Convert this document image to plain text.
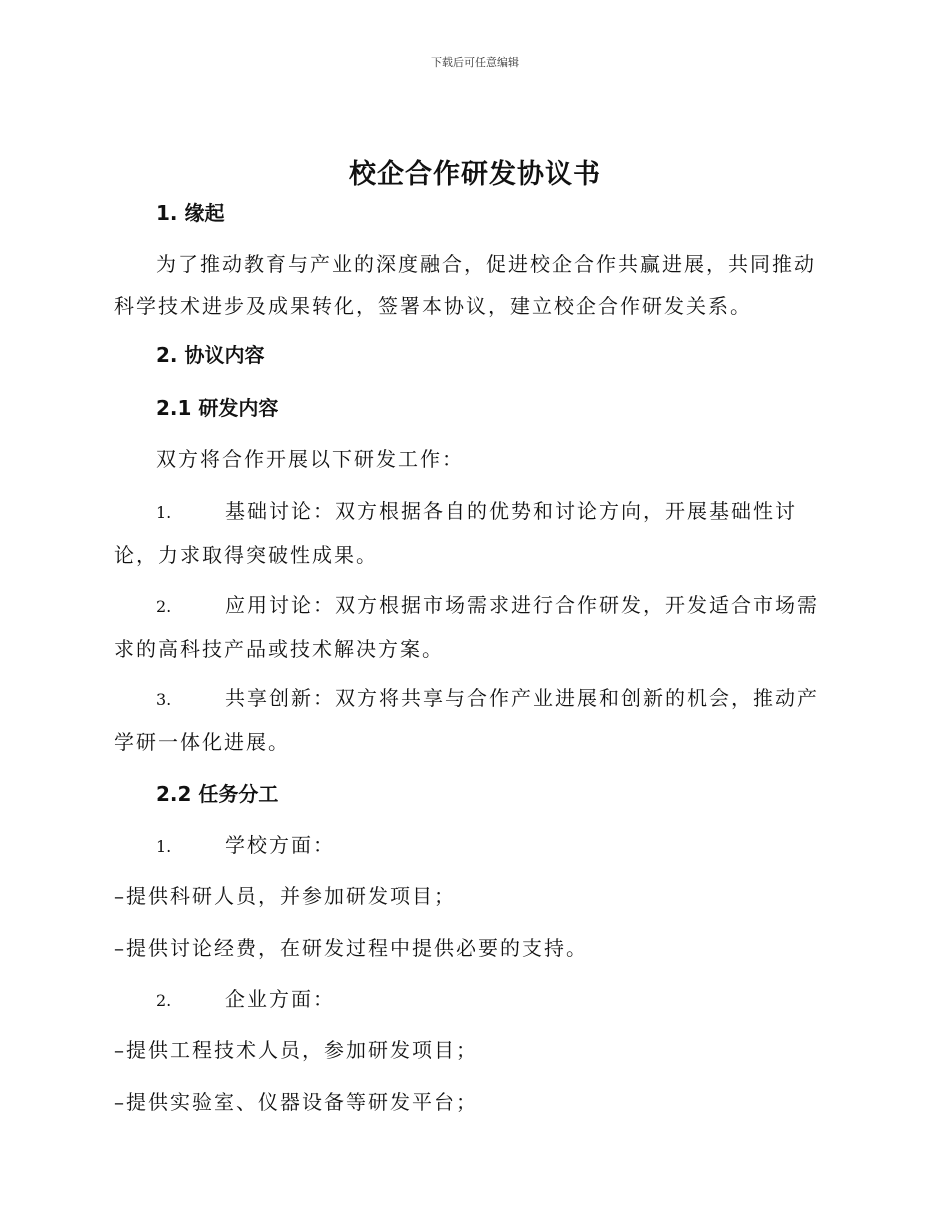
下载后可任意编辑
校企合作研发协议书
1. 缘起
为了推动教育与产业的深度融合，促进校企合作共赢进展，共同推动科学技术进步及成果转化，签署本协议，建立校企合作研发关系。
2. 协议内容
2.1 研发内容
双方将合作开展以下研发工作：
1.	基础讨论：双方根据各自的优势和讨论方向，开展基础性讨论，力求取得突破性成果。
2.	应用讨论：双方根据市场需求进行合作研发，开发适合市场需求的高科技产品或技术解决方案。
3.	共享创新：双方将共享与合作产业进展和创新的机会，推动产学研一体化进展。
2.2 任务分工
1.	学校方面：
–提供科研人员，并参加研发项目；
–提供讨论经费，在研发过程中提供必要的支持。
2.	企业方面：
–提供工程技术人员，参加研发项目；
–提供实验室、仪器设备等研发平台；
